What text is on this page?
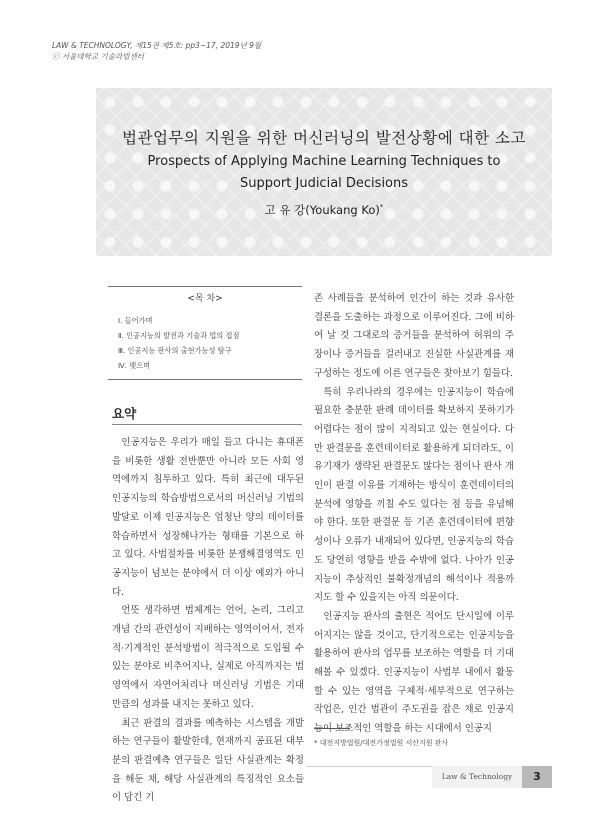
LAW & TECHNOLOGY, 제15권 제5호: pp3~17, 2019년 9월
ⓒ 서울대학교 기술과법센터
법관업무의 지원을 위한 머신러닝의 발전상황에 대한 소고
Prospects of Applying Machine Learning Techniques to Support Judicial Decisions
고 유 강(Youkang Ko)*
<목 차>
Ⅰ. 들어가며
Ⅱ. 인공지능의 발전과 기술과 법의 접점
Ⅲ. 인공지능 판사의 출현가능성 탐구
Ⅳ. 맺으며
요약

인공지능은 우리가 매일 들고 다니는 휴대폰을 비롯한 생활 전반뿐만 아니라 모든 사회 영역에까지 침투하고 있다. 특히 최근에 대두된 인공지능의 학습방법으로서의 머신러닝 기법의 발달로 이제 인공지능은 엄청난 양의 데이터를 학습하면서 성장해나가는 형태를 기본으로 하고 있다. 사법절차를 비롯한 분쟁해결영역도 인공지능이 넘보는 분야에서 더 이상 예외가 아니다.

언뜻 생각하면 법체계는 언어, 논리, 그리고 개념 간의 관련성이 지배하는 영역이어서, 전자적·기계적인 분석방법이 적극적으로 도입될 수 있는 분야로 비추어지나, 실제로 아직까지는 법 영역에서 자연어처리나 머신러닝 기법은 기대만큼의 성과를 내지는 못하고 있다.

최근 판결의 결과를 예측하는 시스템을 개발하는 연구들이 활발한데, 현재까지 공표된 대부분의 판결예측 연구들은 일단 사실관계는 확정을 해둔 채, 해당 사실관계의 특징적인 요소들이 담긴 기

존 사례들을 분석하여 인간이 하는 것과 유사한 결론을 도출하는 과정으로 이루어진다. 그에 비하여 날 것 그대로의 증거들을 분석하여 허위의 주장이나 증거들을 걸러내고 진실한 사실관계를 재구성하는 정도에 이른 연구들은 찾아보기 힘들다.

특히 우리나라의 경우에는 인공지능이 학습에 필요한 충분한 판례 데이터를 확보하지 못하기가 어렵다는 점이 많이 지적되고 있는 현실이다. 다만 판결문을 훈련데이터로 활용하게 되더라도, 이 유기재가 생략된 판결문도 많다는 점이나 판사 개인이 판결 이유를 기재하는 방식이 훈련데이터의 분석에 영향을 끼칠 수도 있다는 점 등을 유념해야 한다. 또한 판결문 등 기존 훈련데이터에 편향성이나 오류가 내재되어 있다면, 인공지능의 학습도 당연히 영향을 받을 수밖에 없다. 나아가 인공지능이 추상적인 불확정개념의 해석이나 적용까지도 할 수 있을지는 아직 의문이다.

인공지능 판사의 출현은 적어도 단시일에 이루어지지는 않을 것이고, 단기적으로는 인공지능을 활용하여 판사의 업무를 보조하는 역할을 더 기대해볼 수 있겠다. 인공지능이 사법부 내에서 활동할 수 있는 영역을 구체적·세부적으로 연구하는 작업은, 인간 법관이 주도권을 잡은 채로 인공지능이 보조적인 역할을 하는 시대에서 인공지

* 대전지방법원/대전가정법원 서산지원 판사
Law & Technology	3
